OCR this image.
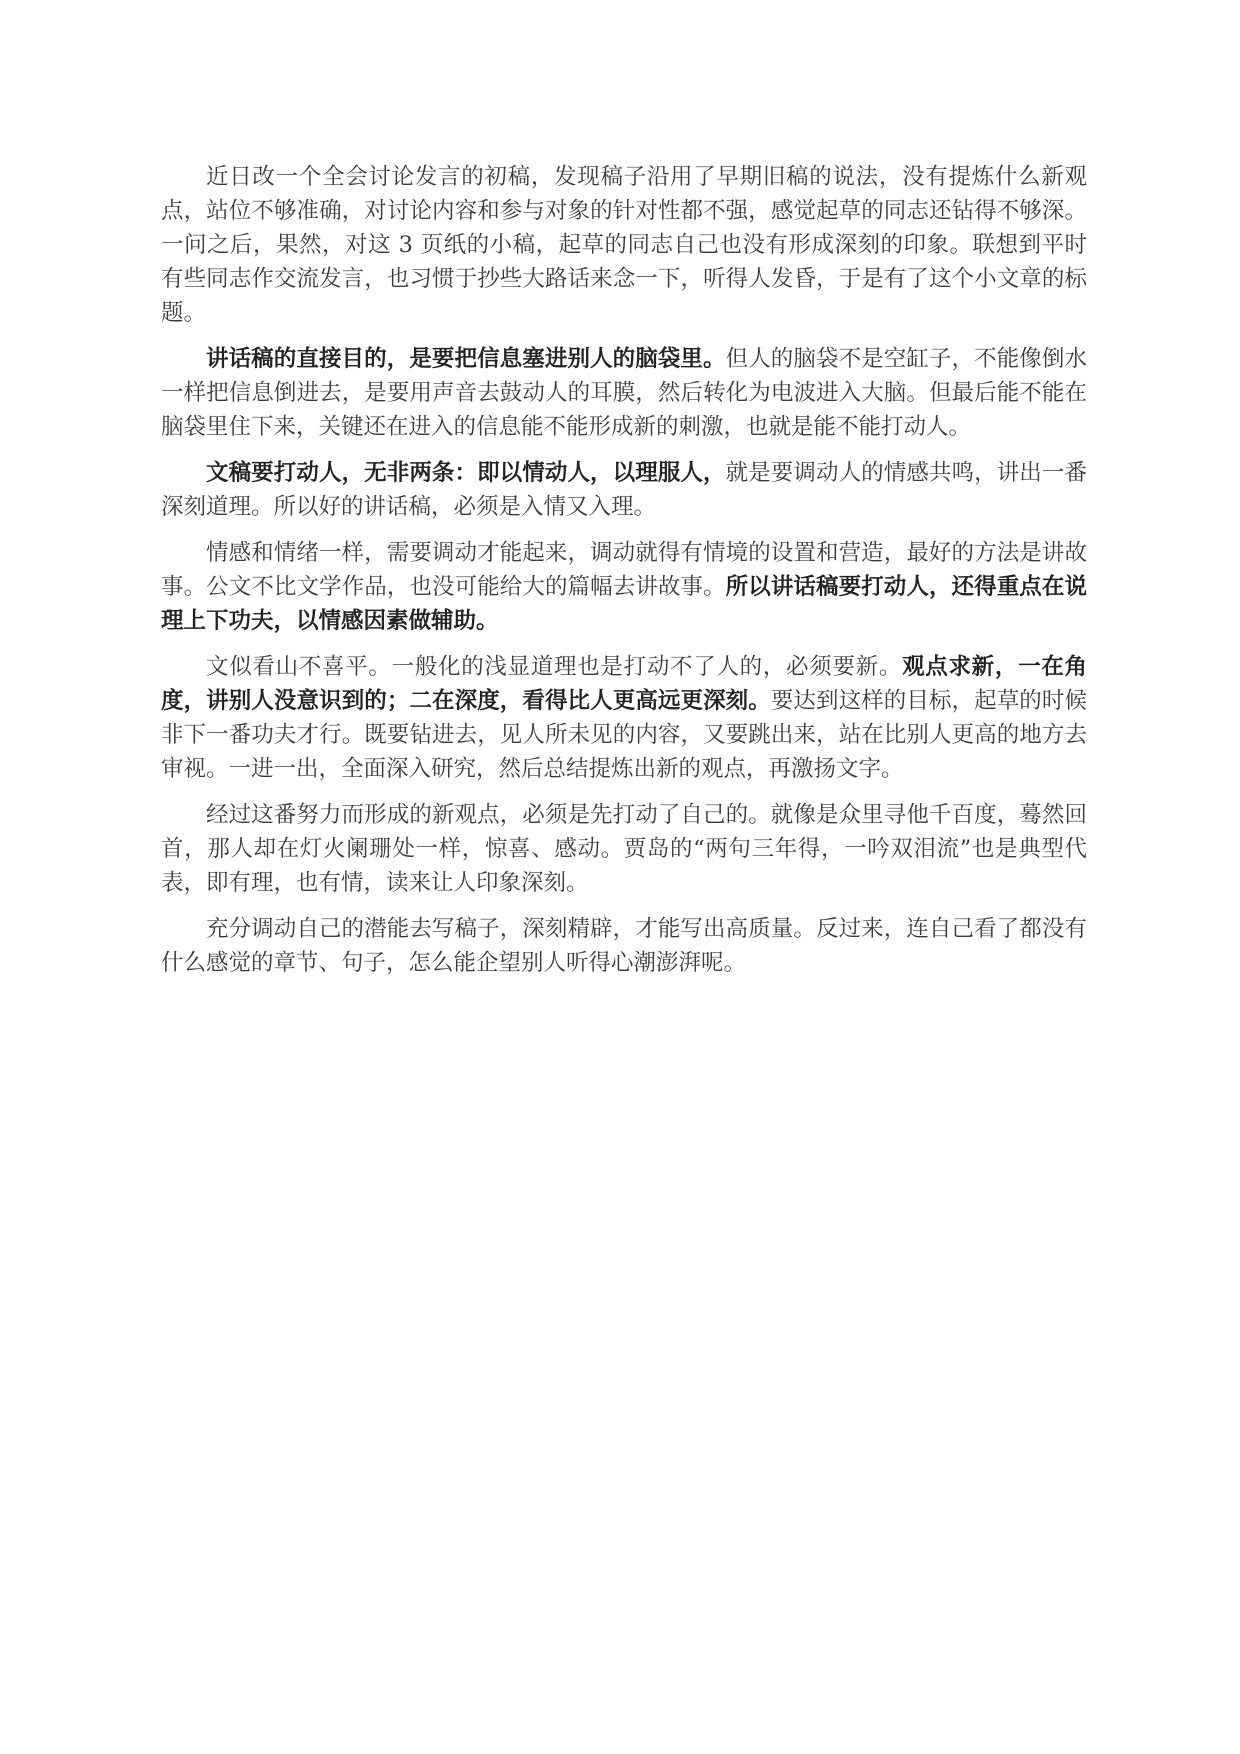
近日改一个全会讨论发言的初稿，发现稿子沿用了早期旧稿的说法，没有提炼什么新观点，站位不够准确，对讨论内容和参与对象的针对性都不强，感觉起草的同志还钻得不够深。一问之后，果然，对这 3 页纸的小稿，起草的同志自己也没有形成深刻的印象。联想到平时有些同志作交流发言，也习惯于抄些大路话来念一下，听得人发昏，于是有了这个小文章的标题。

讲话稿的直接目的，是要把信息塞进别人的脑袋里。但人的脑袋不是空缸子，不能像倒水一样把信息倒进去，是要用声音去鼓动人的耳膜，然后转化为电波进入大脑。但最后能不能在脑袋里住下来，关键还在进入的信息能不能形成新的刺激，也就是能不能打动人。

文稿要打动人，无非两条：即以情动人，以理服人，就是要调动人的情感共鸣，讲出一番深刻道理。所以好的讲话稿，必须是入情又入理。

情感和情绪一样，需要调动才能起来，调动就得有情境的设置和营造，最好的方法是讲故事。公文不比文学作品，也没可能给大的篇幅去讲故事。所以讲话稿要打动人，还得重点在说理上下功夫，以情感因素做辅助。

文似看山不喜平。一般化的浅显道理也是打动不了人的，必须要新。观点求新，一在角度，讲别人没意识到的；二在深度，看得比人更高远更深刻。要达到这样的目标，起草的时候非下一番功夫才行。既要钻进去，见人所未见的内容，又要跳出来，站在比别人更高的地方去审视。一进一出，全面深入研究，然后总结提炼出新的观点，再激扬文字。

经过这番努力而形成的新观点，必须是先打动了自己的。就像是众里寻他千百度，蓦然回首，那人却在灯火阑珊处一样，惊喜、感动。贾岛的“两句三年得，一吟双泪流”也是典型代表，即有理，也有情，读来让人印象深刻。

充分调动自己的潜能去写稿子，深刻精辟，才能写出高质量。反过来，连自己看了都没有什么感觉的章节、句子，怎么能企望别人听得心潮澎湃呢。
